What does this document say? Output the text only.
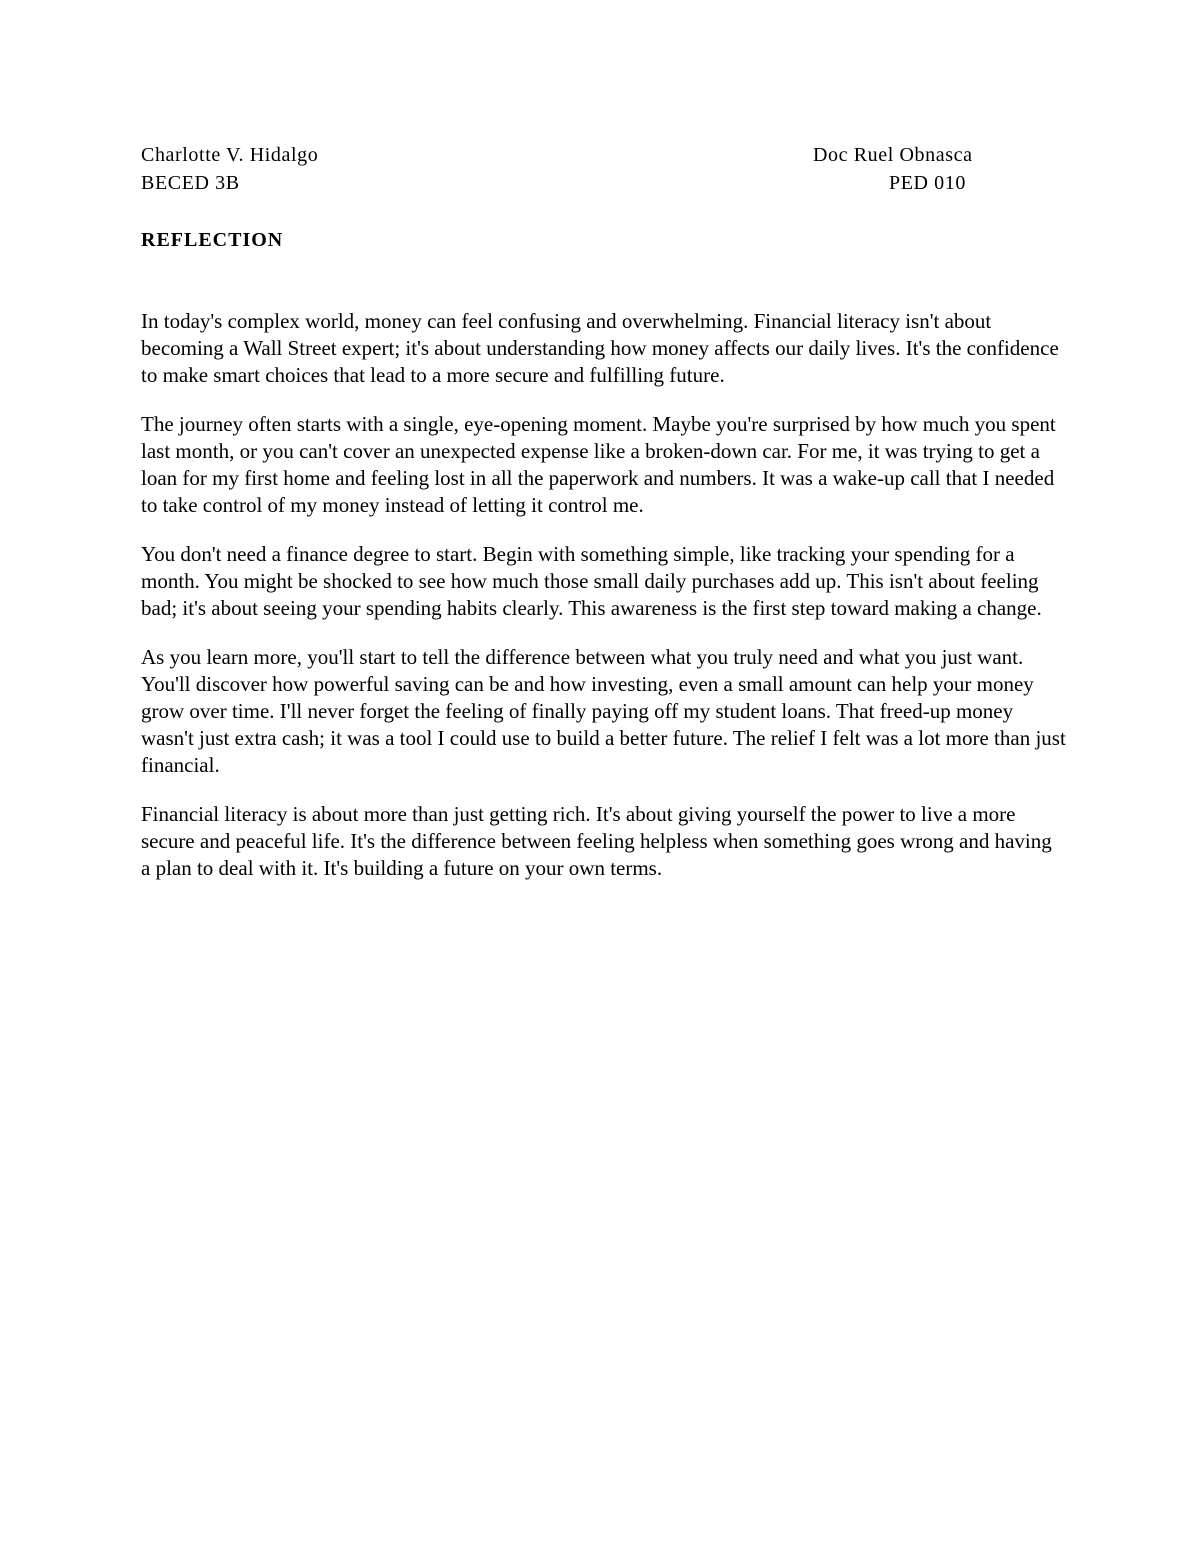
Charlotte V. Hidalgo
BECED 3B
Doc Ruel Obnasca
PED 010
REFLECTION

In today's complex world, money can feel confusing and overwhelming. Financial literacy isn't about becoming a Wall Street expert; it's about understanding how money affects our daily lives. It's the confidence to make smart choices that lead to a more secure and fulfilling future.

The journey often starts with a single, eye-opening moment. Maybe you're surprised by how much you spent last month, or you can't cover an unexpected expense like a broken-down car. For me, it was trying to get a loan for my first home and feeling lost in all the paperwork and numbers. It was a wake-up call that I needed to take control of my money instead of letting it control me.

You don't need a finance degree to start. Begin with something simple, like tracking your spending for a month. You might be shocked to see how much those small daily purchases add up. This isn't about feeling bad; it's about seeing your spending habits clearly. This awareness is the first step toward making a change.

As you learn more, you'll start to tell the difference between what you truly need and what you just want. You'll discover how powerful saving can be and how investing, even a small amount can help your money grow over time. I'll never forget the feeling of finally paying off my student loans. That freed-up money wasn't just extra cash; it was a tool I could use to build a better future. The relief I felt was a lot more than just financial.

Financial literacy is about more than just getting rich. It's about giving yourself the power to live a more secure and peaceful life. It's the difference between feeling helpless when something goes wrong and having a plan to deal with it. It's building a future on your own terms.
